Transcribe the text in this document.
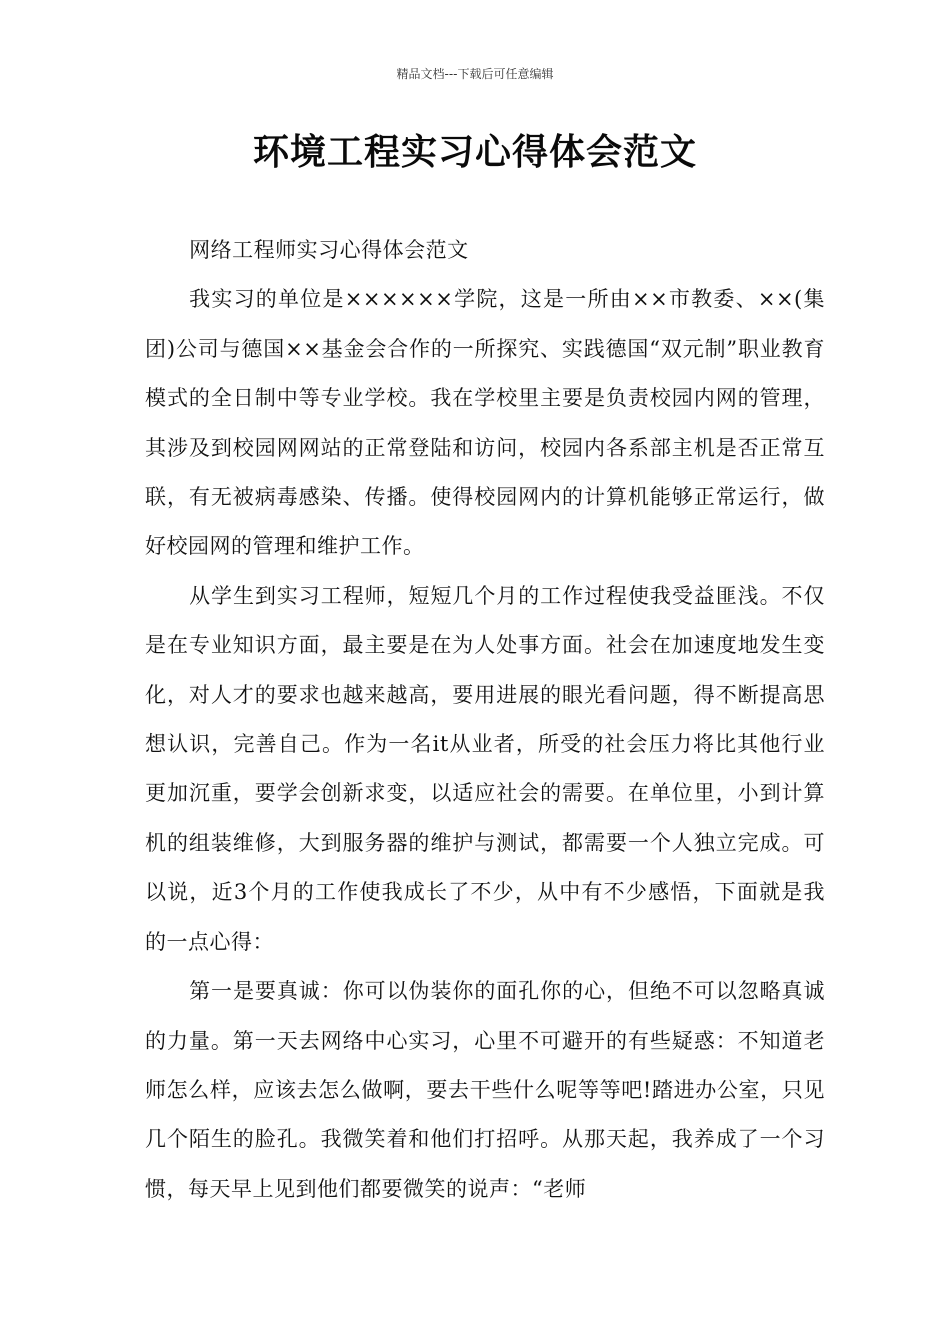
精品文档---下载后可任意编辑
环境工程实习心得体会范文

网络工程师实习心得体会范文

我实习的单位是××××××学院，这是一所由××市教委、××(集团)公司与德国××基金会合作的一所探究、实践德国“双元制”职业教育模式的全日制中等专业学校。我在学校里主要是负责校园内网的管理，其涉及到校园网网站的正常登陆和访问，校园内各系部主机是否正常互联，有无被病毒感染、传播。使得校园网内的计算机能够正常运行，做好校园网的管理和维护工作。

从学生到实习工程师，短短几个月的工作过程使我受益匪浅。不仅是在专业知识方面，最主要是在为人处事方面。社会在加速度地发生变化，对人才的要求也越来越高，要用进展的眼光看问题，得不断提高思想认识，完善自己。作为一名it从业者，所受的社会压力将比其他行业更加沉重，要学会创新求变，以适应社会的需要。在单位里，小到计算机的组装维修，大到服务器的维护与测试，都需要一个人独立完成。可以说，近3个月的工作使我成长了不少，从中有不少感悟，下面就是我的一点心得：

第一是要真诚：你可以伪装你的面孔你的心，但绝不可以忽略真诚的力量。第一天去网络中心实习，心里不可避开的有些疑惑：不知道老师怎么样，应该去怎么做啊，要去干些什么呢等等吧!踏进办公室，只见几个陌生的脸孔。我微笑着和他们打招呼。从那天起，我养成了一个习惯，每天早上见到他们都要微笑的说声：“老师
